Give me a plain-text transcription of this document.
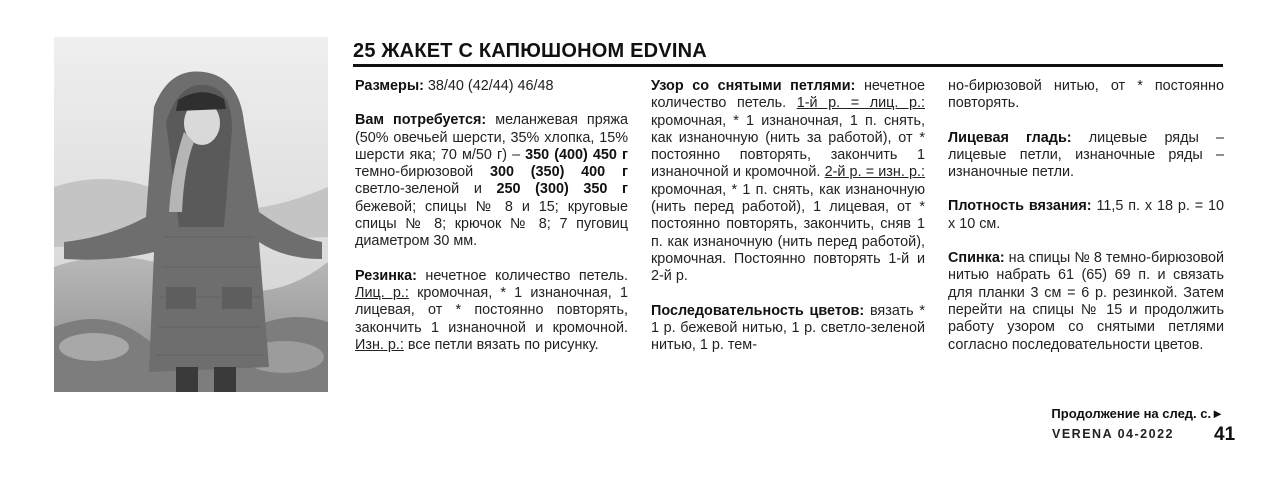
25 ЖАКЕТ С КАПЮШОНОМ EDVINA

Размеры: 38/40 (42/44) 46/48

Вам потребуется: меланжевая пряжа (50% овечьей шерсти, 35% хлопка, 15% шерсти яка; 70 м/50 г) – 350 (400) 450 г темно-бирюзовой 300 (350) 400 г светло-зеленой и 250 (300) 350 г бежевой; спицы № 8 и 15; круговые спицы № 8; крючок № 8; 7 пуговиц диаметром 30 мм.

Резинка: нечетное количество петель. Лиц. р.: кромочная, * 1 изнаночная, 1 лицевая, от * постоянно повторять, закончить 1 изнаночной и кромочной. Изн. р.: все петли вязать по рисунку.

Узор со снятыми петлями: нечетное количество петель. 1-й р. = лиц. р.: кромочная, * 1 изнаночная, 1 п. снять, как изнаночную (нить за работой), от * постоянно повторять, закончить 1 изнаночной и кромочной. 2-й р. = изн. р.: кромочная, * 1 п. снять, как изнаночную (нить перед работой), 1 лицевая, от * постоянно повторять, закончить, сняв 1 п. как изнаночную (нить перед работой), кромочная. Постоянно повторять 1-й и 2-й р.

Последовательность цветов: вязать * 1 р. бежевой нитью, 1 р. светло-зеленой нитью, 1 р. тем-

но-бирюзовой нитью, от * постоянно повторять.

Лицевая гладь: лицевые ряды – лицевые петли, изнаночные ряды – изнаночные петли.

Плотность вязания: 11,5 п. х 18 р. = 10 х 10 см.

Спинка: на спицы № 8 темно-бирюзовой нитью набрать 61 (65) 69 п. и связать для планки 3 см = 6 р. резинкой. Затем перейти на спицы № 15 и продолжить работу узором со снятыми петлями согласно последовательности цветов.

Продолжение на след. с.►
VERENA 04-2022 41
